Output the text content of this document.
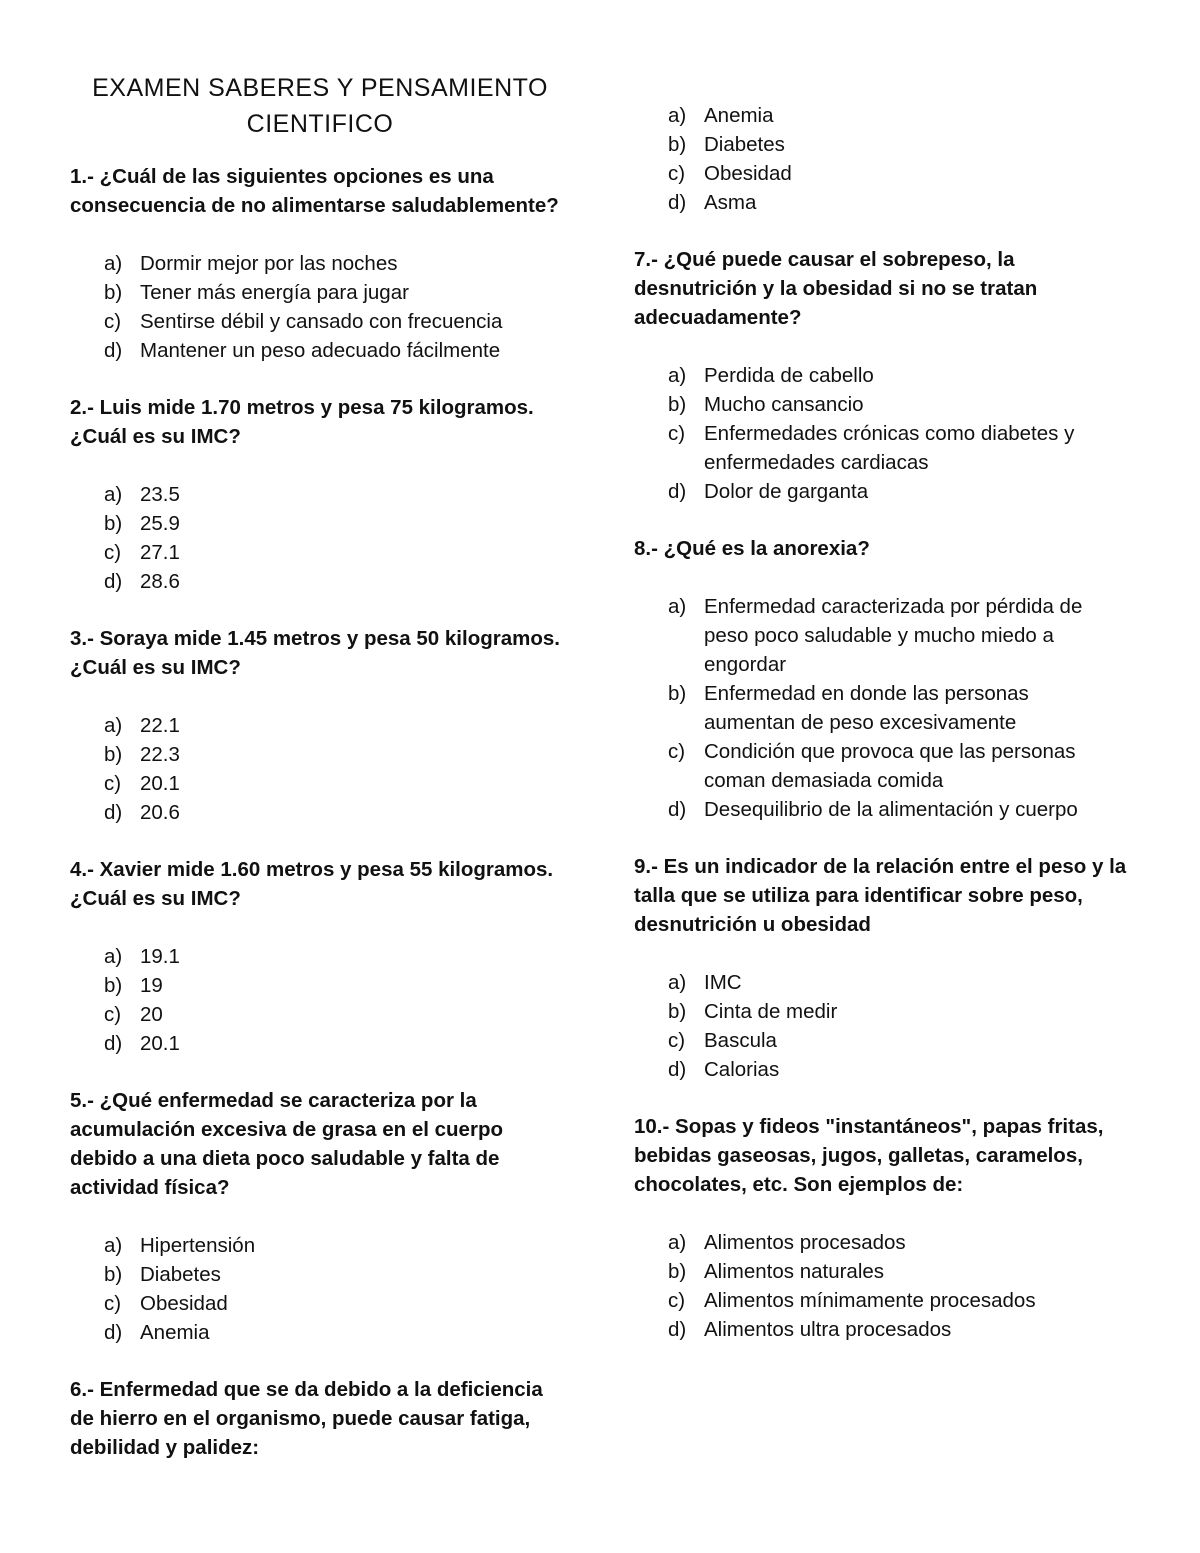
EXAMEN SABERES Y PENSAMIENTO
CIENTIFICO
1.- ¿Cuál de las siguientes opciones es una
consecuencia de no alimentarse saludablemente?
a) Dormir mejor por las noches
b) Tener más energía para jugar
c) Sentirse débil y cansado con frecuencia
d) Mantener un peso adecuado fácilmente
2.- Luis mide 1.70 metros y pesa 75 kilogramos.
¿Cuál es su IMC?
a) 23.5
b) 25.9
c) 27.1
d) 28.6
3.- Soraya mide 1.45 metros y pesa 50 kilogramos.
¿Cuál es su IMC?
a) 22.1
b) 22.3
c) 20.1
d) 20.6
4.- Xavier mide 1.60 metros y pesa 55 kilogramos.
¿Cuál es su IMC?
a) 19.1
b) 19
c) 20
d) 20.1
5.- ¿Qué enfermedad se caracteriza por la
acumulación excesiva de grasa en el cuerpo
debido a una dieta poco saludable y falta de
actividad física?
a) Hipertensión
b) Diabetes
c) Obesidad
d) Anemia
6.- Enfermedad que se da debido a la deficiencia
de hierro en el organismo, puede causar fatiga,
debilidad y palidez:
a) Anemia
b) Diabetes
c) Obesidad
d) Asma
7.- ¿Qué puede causar el sobrepeso, la
desnutrición y la obesidad si no se tratan
adecuadamente?
a) Perdida de cabello
b) Mucho cansancio
c) Enfermedades crónicas como diabetes y
enfermedades cardiacas
d) Dolor de garganta
8.- ¿Qué es la anorexia?
a) Enfermedad caracterizada por pérdida de
peso poco saludable y mucho miedo a
engordar
b) Enfermedad en donde las personas
aumentan de peso excesivamente
c) Condición que provoca que las personas
coman demasiada comida
d) Desequilibrio de la alimentación y cuerpo
9.- Es un indicador de la relación entre el peso y la
talla que se utiliza para identificar sobre peso,
desnutrición u obesidad
a) IMC
b) Cinta de medir
c) Bascula
d) Calorias
10.- Sopas y fideos "instantáneos", papas fritas,
bebidas gaseosas, jugos, galletas, caramelos,
chocolates, etc. Son ejemplos de:
a) Alimentos procesados
b) Alimentos naturales
c) Alimentos mínimamente procesados
d) Alimentos ultra procesados
